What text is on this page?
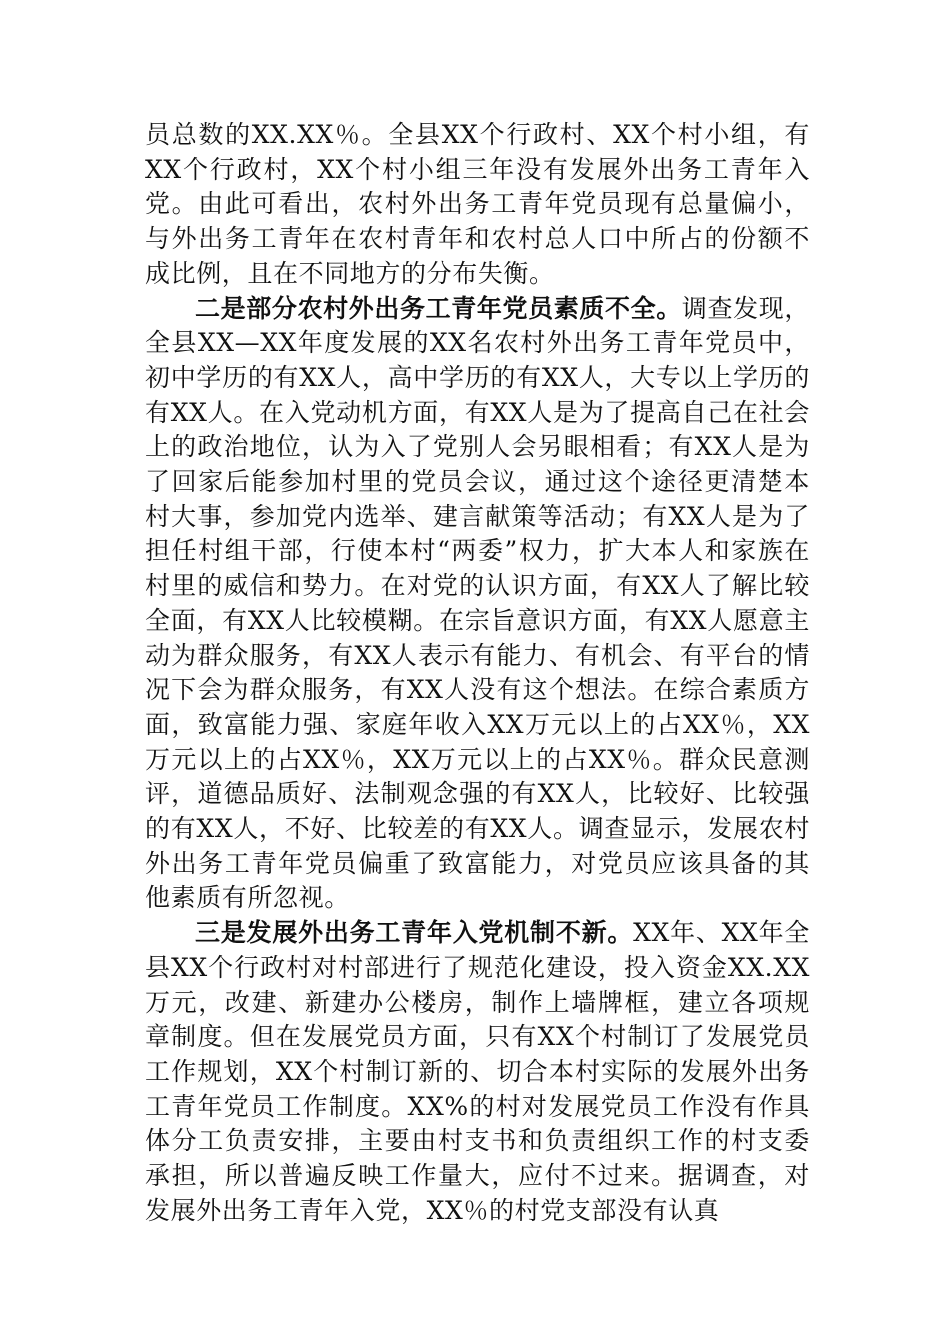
员总数的XX.XX％。全县XX个行政村、XX个村小组，有XX个行政村，XX个村小组三年没有发展外出务工青年入党。由此可看出，农村外出务工青年党员现有总量偏小，与外出务工青年在农村青年和农村总人口中所占的份额不成比例，且在不同地方的分布失衡。

二是部分农村外出务工青年党员素质不全。调查发现，全县XX—XX年度发展的XX名农村外出务工青年党员中，初中学历的有XX人，高中学历的有XX人，大专以上学历的有XX人。在入党动机方面，有XX人是为了提高自己在社会上的政治地位，认为入了党别人会另眼相看；有XX人是为了回家后能参加村里的党员会议，通过这个途径更清楚本村大事，参加党内选举、建言献策等活动；有XX人是为了担任村组干部，行使本村“两委”权力，扩大本人和家族在村里的威信和势力。在对党的认识方面，有XX人了解比较全面，有XX人比较模糊。在宗旨意识方面，有XX人愿意主动为群众服务，有XX人表示有能力、有机会、有平台的情况下会为群众服务，有XX人没有这个想法。在综合素质方面，致富能力强、家庭年收入XX万元以上的占XX％，XX万元以上的占XX％，XX万元以上的占XX％。群众民意测评，道德品质好、法制观念强的有XX人，比较好、比较强的有XX人，不好、比较差的有XX人。调查显示，发展农村外出务工青年党员偏重了致富能力，对党员应该具备的其他素质有所忽视。

三是发展外出务工青年入党机制不新。XX年、XX年全县XX个行政村对村部进行了规范化建设，投入资金XX.XX万元，改建、新建办公楼房，制作上墙牌框，建立各项规章制度。但在发展党员方面，只有XX个村制订了发展党员工作规划，XX个村制订新的、切合本村实际的发展外出务工青年党员工作制度。XX%的村对发展党员工作没有作具体分工负责安排，主要由村支书和负责组织工作的村支委承担，所以普遍反映工作量大，应付不过来。据调查，对发展外出务工青年入党，XX％的村党支部没有认真
